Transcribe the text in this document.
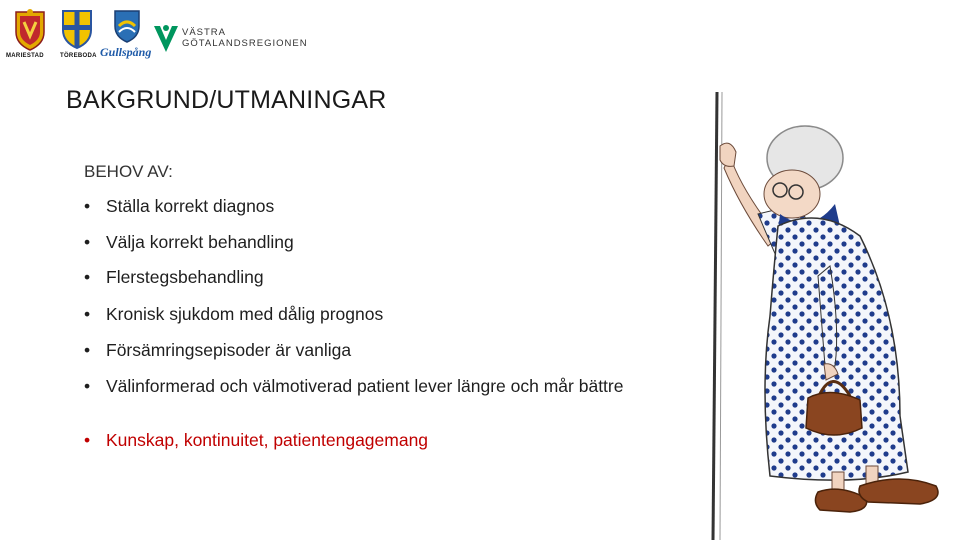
MARIESTAD	TÖREBODA Gullspång
VÄSTRA
GÖTALANDSREGIONEN
BAKGRUND/UTMANINGAR

BEHOV AV:

• Ställa korrekt diagnos
• Välja korrekt behandling
• Flerstegsbehandling
• Kronisk sjukdom med dålig prognos
• Försämringsepisoder är vanliga
• Välinformerad och välmotiverad patient lever längre och mår bättre
• Kunskap, kontinuitet, patientengagemang
